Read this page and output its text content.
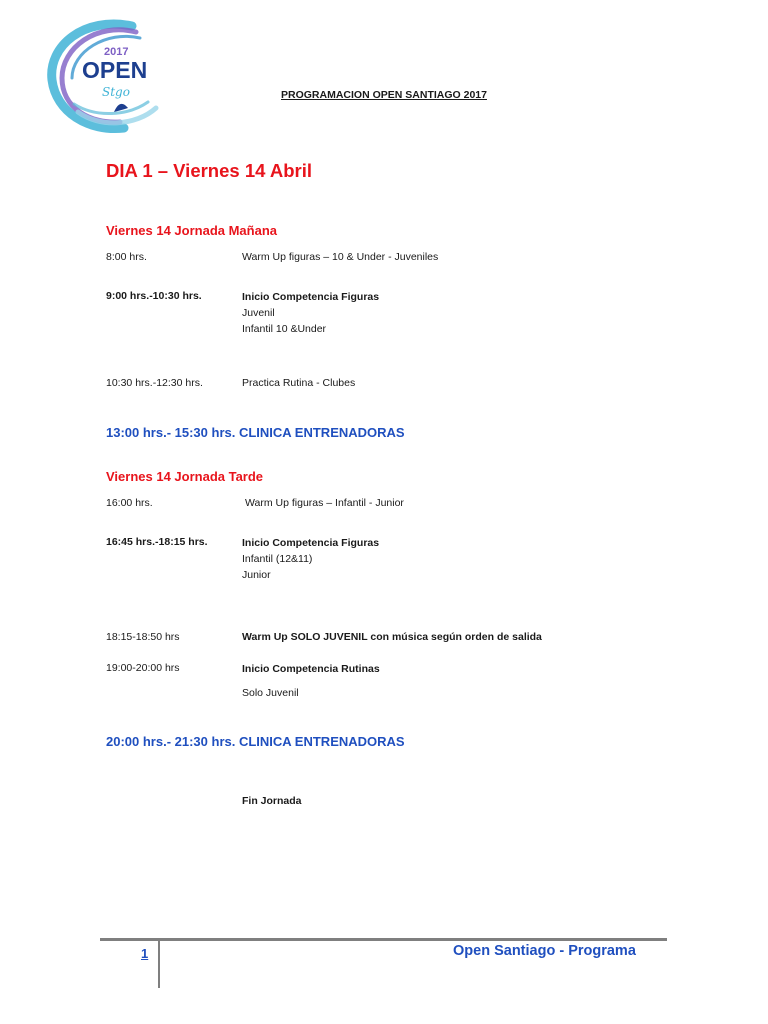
2017
OPEN
Stgo	PROGRAMACION OPEN SANTIAGO 2017
DIA 1 – Viernes 14 Abril
Viernes 14 Jornada Mañana
8:00 hrs.	Warm Up figuras – 10 & Under - Juveniles
9:00 hrs.-10:30 hrs.	Inicio Competencia Figuras
Juvenil
Infantil 10 &Under
10:30 hrs.-12:30 hrs.	Practica Rutina - Clubes
13:00 hrs.- 15:30 hrs. CLINICA ENTRENADORAS
Viernes 14 Jornada Tarde
16:00 hrs.	Warm Up figuras – Infantil - Junior
16:45 hrs.-18:15 hrs.	Inicio Competencia Figuras
Infantil (12&11)
Junior
18:15-18:50 hrs	Warm Up SOLO JUVENIL con música según orden de salida
19:00-20:00 hrs	Inicio Competencia Rutinas
Solo Juvenil
20:00 hrs.- 21:30 hrs. CLINICA ENTRENADORAS
Fin Jornada
1	Open Santiago - Programa
